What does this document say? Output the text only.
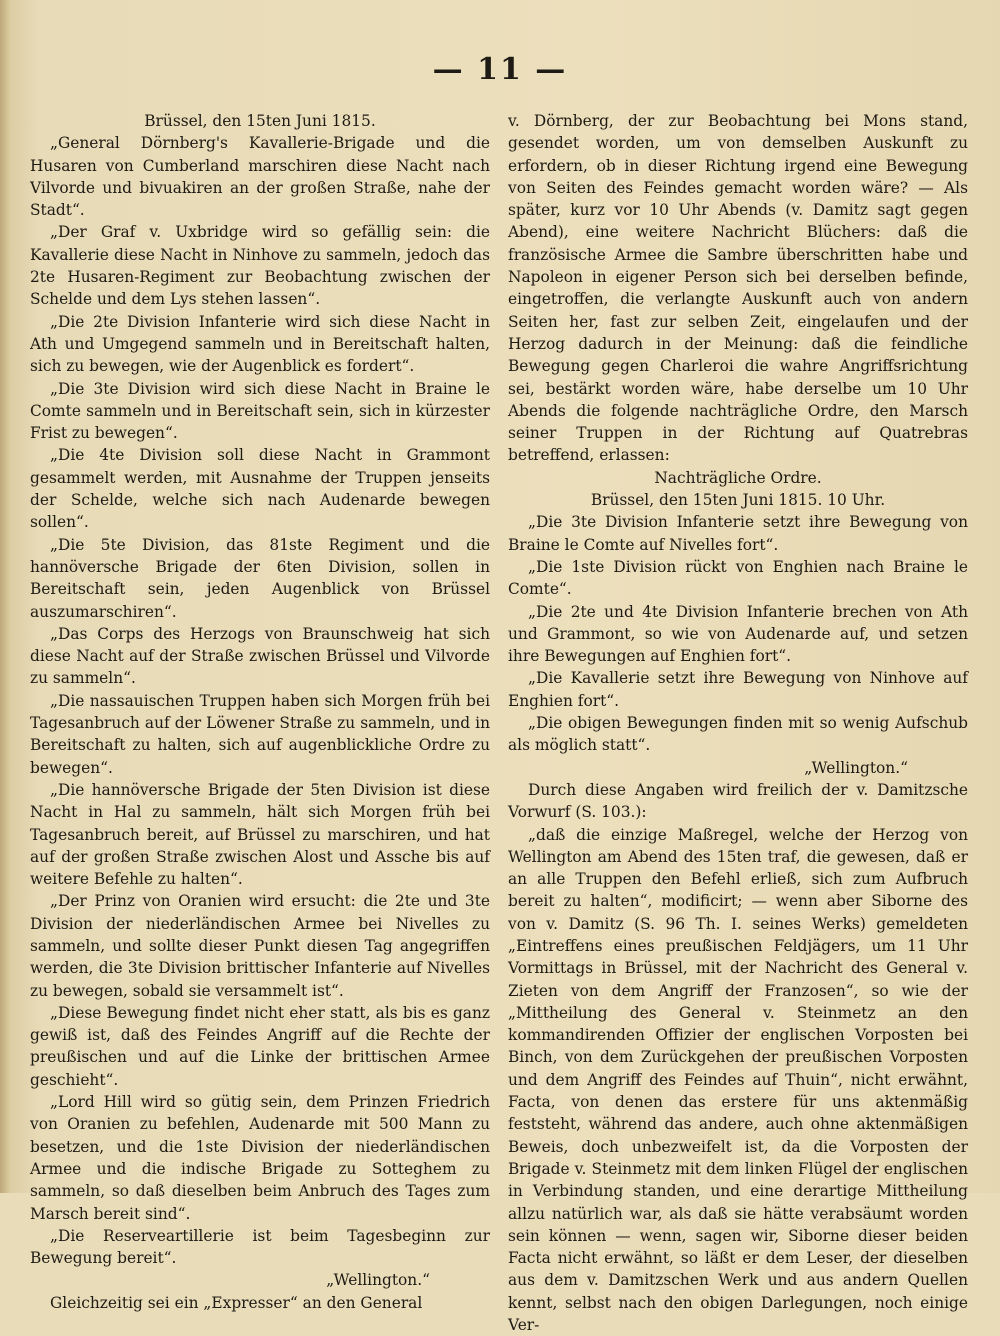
— 11 —

Brüssel, den 15ten Juni 1815.

„General Dörnberg's Kavallerie-Brigade und die Husaren von Cumberland marschiren diese Nacht nach Vilvorde und bivuakiren an der großen Straße, nahe der Stadt“.

„Der Graf v. Uxbridge wird so gefällig sein: die Kavallerie diese Nacht in Ninhove zu sammeln, jedoch das 2te Husaren-Regiment zur Beobachtung zwischen der Schelde und dem Lys stehen lassen“.

„Die 2te Division Infanterie wird sich diese Nacht in Ath und Umgegend sammeln und in Bereitschaft halten, sich zu bewegen, wie der Augenblick es fordert“.

„Die 3te Division wird sich diese Nacht in Braine le Comte sammeln und in Bereitschaft sein, sich in kürzester Frist zu bewegen“.

„Die 4te Division soll diese Nacht in Grammont gesammelt werden, mit Ausnahme der Truppen jenseits der Schelde, welche sich nach Audenarde bewegen sollen“.

„Die 5te Division, das 81ste Regiment und die hannöversche Brigade der 6ten Division, sollen in Bereitschaft sein, jeden Augenblick von Brüssel auszumarschiren“.

„Das Corps des Herzogs von Braunschweig hat sich diese Nacht auf der Straße zwischen Brüssel und Vilvorde zu sammeln“.

„Die nassauischen Truppen haben sich Morgen früh bei Tagesanbruch auf der Löwener Straße zu sammeln, und in Bereitschaft zu halten, sich auf augenblickliche Ordre zu bewegen“.

„Die hannöversche Brigade der 5ten Division ist diese Nacht in Hal zu sammeln, hält sich Morgen früh bei Tagesanbruch bereit, auf Brüssel zu marschiren, und hat auf der großen Straße zwischen Alost und Assche bis auf weitere Befehle zu halten“.

„Der Prinz von Oranien wird ersucht: die 2te und 3te Division der niederländischen Armee bei Nivelles zu sammeln, und sollte dieser Punkt diesen Tag angegriffen werden, die 3te Division brittischer Infanterie auf Nivelles zu bewegen, sobald sie versammelt ist“.

„Diese Bewegung findet nicht eher statt, als bis es ganz gewiß ist, daß des Feindes Angriff auf die Rechte der preußischen und auf die Linke der brittischen Armee geschieht“.

„Lord Hill wird so gütig sein, dem Prinzen Friedrich von Oranien zu befehlen, Audenarde mit 500 Mann zu besetzen, und die 1ste Division der niederländischen Armee und die indische Brigade zu Sotteghem zu sammeln, so daß dieselben beim Anbruch des Tages zum Marsch bereit sind“.

„Die Reserveartillerie ist beim Tagesbeginn zur Bewegung bereit“.

„Wellington.“

Gleichzeitig sei ein „Expresser“ an den General

v. Dörnberg, der zur Beobachtung bei Mons stand, gesendet worden, um von demselben Auskunft zu erfordern, ob in dieser Richtung irgend eine Bewegung von Seiten des Feindes gemacht worden wäre? — Als später, kurz vor 10 Uhr Abends (v. Damitz sagt gegen Abend), eine weitere Nachricht Blüchers: daß die französische Armee die Sambre überschritten habe und Napoleon in eigener Person sich bei derselben befinde, eingetroffen, die verlangte Auskunft auch von andern Seiten her, fast zur selben Zeit, eingelaufen und der Herzog dadurch in der Meinung: daß die feindliche Bewegung gegen Charleroi die wahre Angriffsrichtung sei, bestärkt worden wäre, habe derselbe um 10 Uhr Abends die folgende nachträgliche Ordre, den Marsch seiner Truppen in der Richtung auf Quatrebras betreffend, erlassen:

Nachträgliche Ordre.

Brüssel, den 15ten Juni 1815. 10 Uhr.

„Die 3te Division Infanterie setzt ihre Bewegung von Braine le Comte auf Nivelles fort“.

„Die 1ste Division rückt von Enghien nach Braine le Comte“.

„Die 2te und 4te Division Infanterie brechen von Ath und Grammont, so wie von Audenarde auf, und setzen ihre Bewegungen auf Enghien fort“.

„Die Kavallerie setzt ihre Bewegung von Ninhove auf Enghien fort“.

„Die obigen Bewegungen finden mit so wenig Aufschub als möglich statt“.

„Wellington.“

Durch diese Angaben wird freilich der v. Damitzsche Vorwurf (S. 103.):

„daß die einzige Maßregel, welche der Herzog von Wellington am Abend des 15ten traf, die gewesen, daß er an alle Truppen den Befehl erließ, sich zum Aufbruch bereit zu halten“, modificirt; — wenn aber Siborne des von v. Damitz (S. 96 Th. I. seines Werks) gemeldeten „Eintreffens eines preußischen Feldjägers, um 11 Uhr Vormittags in Brüssel, mit der Nachricht des General v. Zieten von dem Angriff der Franzosen“, so wie der „Mittheilung des General v. Steinmetz an den kommandirenden Offizier der englischen Vorposten bei Binch, von dem Zurückgehen der preußischen Vorposten und dem Angriff des Feindes auf Thuin“, nicht erwähnt, Facta, von denen das erstere für uns aktenmäßig feststeht, während das andere, auch ohne aktenmäßigen Beweis, doch unbezweifelt ist, da die Vorposten der Brigade v. Steinmetz mit dem linken Flügel der englischen in Verbindung standen, und eine derartige Mittheilung allzu natürlich war, als daß sie hätte verabsäumt worden sein können — wenn, sagen wir, Siborne dieser beiden Facta nicht erwähnt, so läßt er dem Leser, der dieselben aus dem v. Damitzschen Werk und aus andern Quellen kennt, selbst nach den obigen Darlegungen, noch einige Ver-
